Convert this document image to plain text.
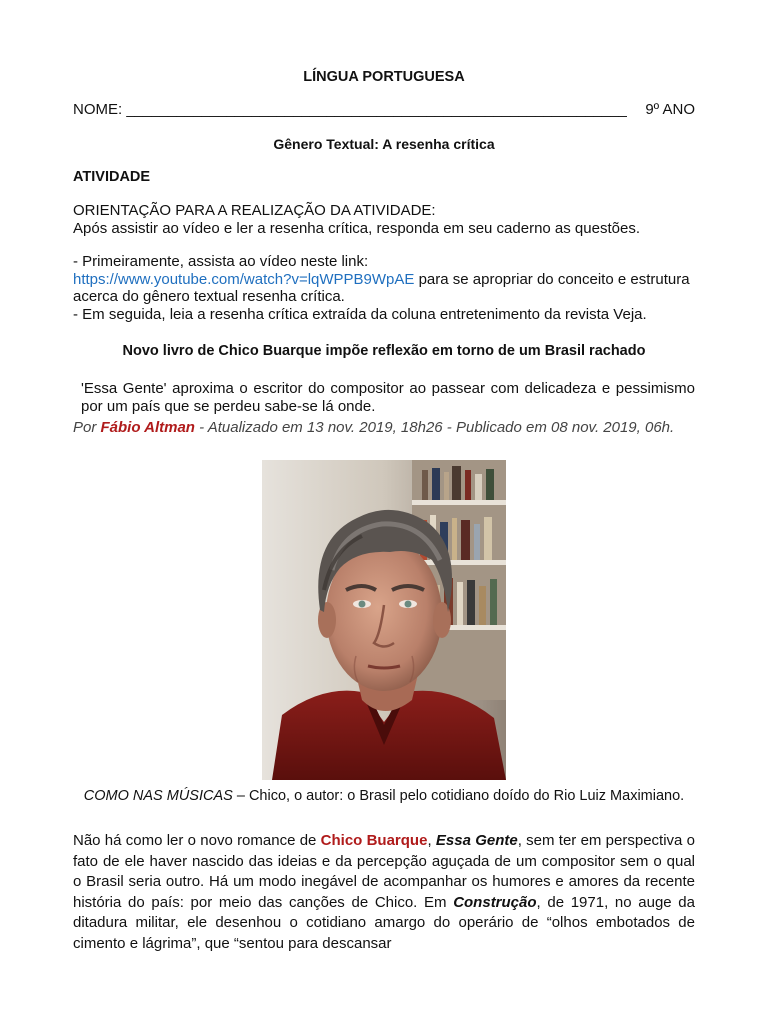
LÍNGUA PORTUGUESA
NOME: ____________________________________________________________ 9º ANO
Gênero Textual: A resenha crítica
ATIVIDADE
ORIENTAÇÃO PARA A REALIZAÇÃO DA ATIVIDADE:
Após assistir ao vídeo e ler a resenha crítica, responda em seu caderno as questões.
- Primeiramente, assista ao vídeo neste link:
https://www.youtube.com/watch?v=lqWPPB9WpAE para se apropriar do conceito e estrutura acerca do gênero textual resenha crítica.
- Em seguida, leia a resenha crítica extraída da coluna entretenimento da revista Veja.
Novo livro de Chico Buarque impõe reflexão em torno de um Brasil rachado
'Essa Gente' aproxima o escritor do compositor ao passear com delicadeza e pessimismo por um país que se perdeu sabe-se lá onde.
Por Fábio Altman - Atualizado em 13 nov. 2019, 18h26 - Publicado em 08 nov. 2019, 06h.
COMO NAS MÚSICAS – Chico, o autor: o Brasil pelo cotidiano doído do Rio Luiz Maximiano.
Não há como ler o novo romance de Chico Buarque, Essa Gente, sem ter em perspectiva o fato de ele haver nascido das ideias e da percepção aguçada de um compositor sem o qual o Brasil seria outro. Há um modo inegável de acompanhar os humores e amores da recente história do país: por meio das canções de Chico. Em Construção, de 1971, no auge da ditadura militar, ele desenhou o cotidiano amargo do operário de “olhos embotados de cimento e lágrima”, que “sentou para descansar
